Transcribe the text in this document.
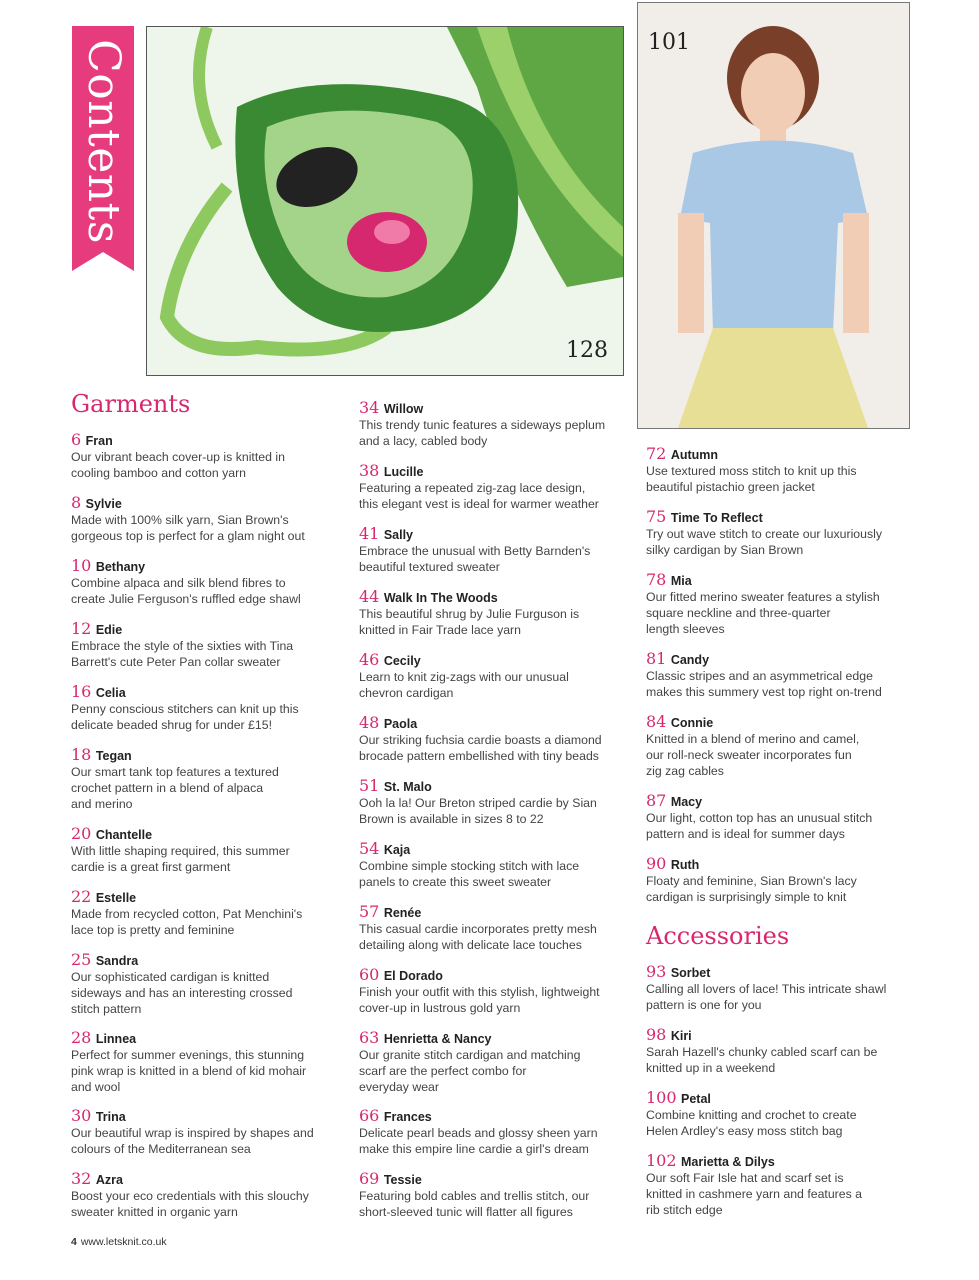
Contents
128
101
Garments
6 Fran
Our vibrant beach cover-up is knitted in
cooling bamboo and cotton yarn
8 Sylvie
Made with 100% silk yarn, Sian Brown's
gorgeous top is perfect for a glam night out
10 Bethany
Combine alpaca and silk blend fibres to
create Julie Ferguson's ruffled edge shawl
12 Edie
Embrace the style of the sixties with Tina
Barrett's cute Peter Pan collar sweater
16 Celia
Penny conscious stitchers can knit up this
delicate beaded shrug for under £15!
18 Tegan
Our smart tank top features a textured
crochet pattern in a blend of alpaca
and merino
20 Chantelle
With little shaping required, this summer
cardie is a great first garment
22 Estelle
Made from recycled cotton, Pat Menchini's
lace top is pretty and feminine
25 Sandra
Our sophisticated cardigan is knitted
sideways and has an interesting crossed
stitch pattern
28 Linnea
Perfect for summer evenings, this stunning
pink wrap is knitted in a blend of kid mohair
and wool
30 Trina
Our beautiful wrap is inspired by shapes and
colours of the Mediterranean sea
32 Azra
Boost your eco credentials with this slouchy
sweater knitted in organic yarn
34 Willow
This trendy tunic features a sideways peplum
and a lacy, cabled body
38 Lucille
Featuring a repeated zig-zag lace design,
this elegant vest is ideal for warmer weather
41 Sally
Embrace the unusual with Betty Barnden's
beautiful textured sweater
44 Walk In The Woods
This beautiful shrug by Julie Furguson is
knitted in Fair Trade lace yarn
46 Cecily
Learn to knit zig-zags with our unusual
chevron cardigan
48 Paola
Our striking fuchsia cardie boasts a diamond
brocade pattern embellished with tiny beads
51 St. Malo
Ooh la la! Our Breton striped cardie by Sian
Brown is available in sizes 8 to 22
54 Kaja
Combine simple stocking stitch with lace
panels to create this sweet sweater
57 Renée
This casual cardie incorporates pretty mesh
detailing along with delicate lace touches
60 El Dorado
Finish your outfit with this stylish, lightweight
cover-up in lustrous gold yarn
63 Henrietta & Nancy
Our granite stitch cardigan and matching
scarf are the perfect combo for
everyday wear
66 Frances
Delicate pearl beads and glossy sheen yarn
make this empire line cardie a girl's dream
69 Tessie
Featuring bold cables and trellis stitch, our
short-sleeved tunic will flatter all figures
72 Autumn
Use textured moss stitch to knit up this
beautiful pistachio green jacket
75 Time To Reflect
Try out wave stitch to create our luxuriously
silky cardigan by Sian Brown
78 Mia
Our fitted merino sweater features a stylish
square neckline and three-quarter
length sleeves
81 Candy
Classic stripes and an asymmetrical edge
makes this summery vest top right on-trend
84 Connie
Knitted in a blend of merino and camel,
our roll-neck sweater incorporates fun
zig zag cables
87 Macy
Our light, cotton top has an unusual stitch
pattern and is ideal for summer days
90 Ruth
Floaty and feminine, Sian Brown's lacy
cardigan is surprisingly simple to knit
Accessories
93 Sorbet
Calling all lovers of lace! This intricate shawl
pattern is one for you
98 Kiri
Sarah Hazell's chunky cabled scarf can be
knitted up in a weekend
100 Petal
Combine knitting and crochet to create
Helen Ardley's easy moss stitch bag
102 Marietta & Dilys
Our soft Fair Isle hat and scarf set is
knitted in cashmere yarn and features a
rib stitch edge
4 www.letsknit.co.uk
